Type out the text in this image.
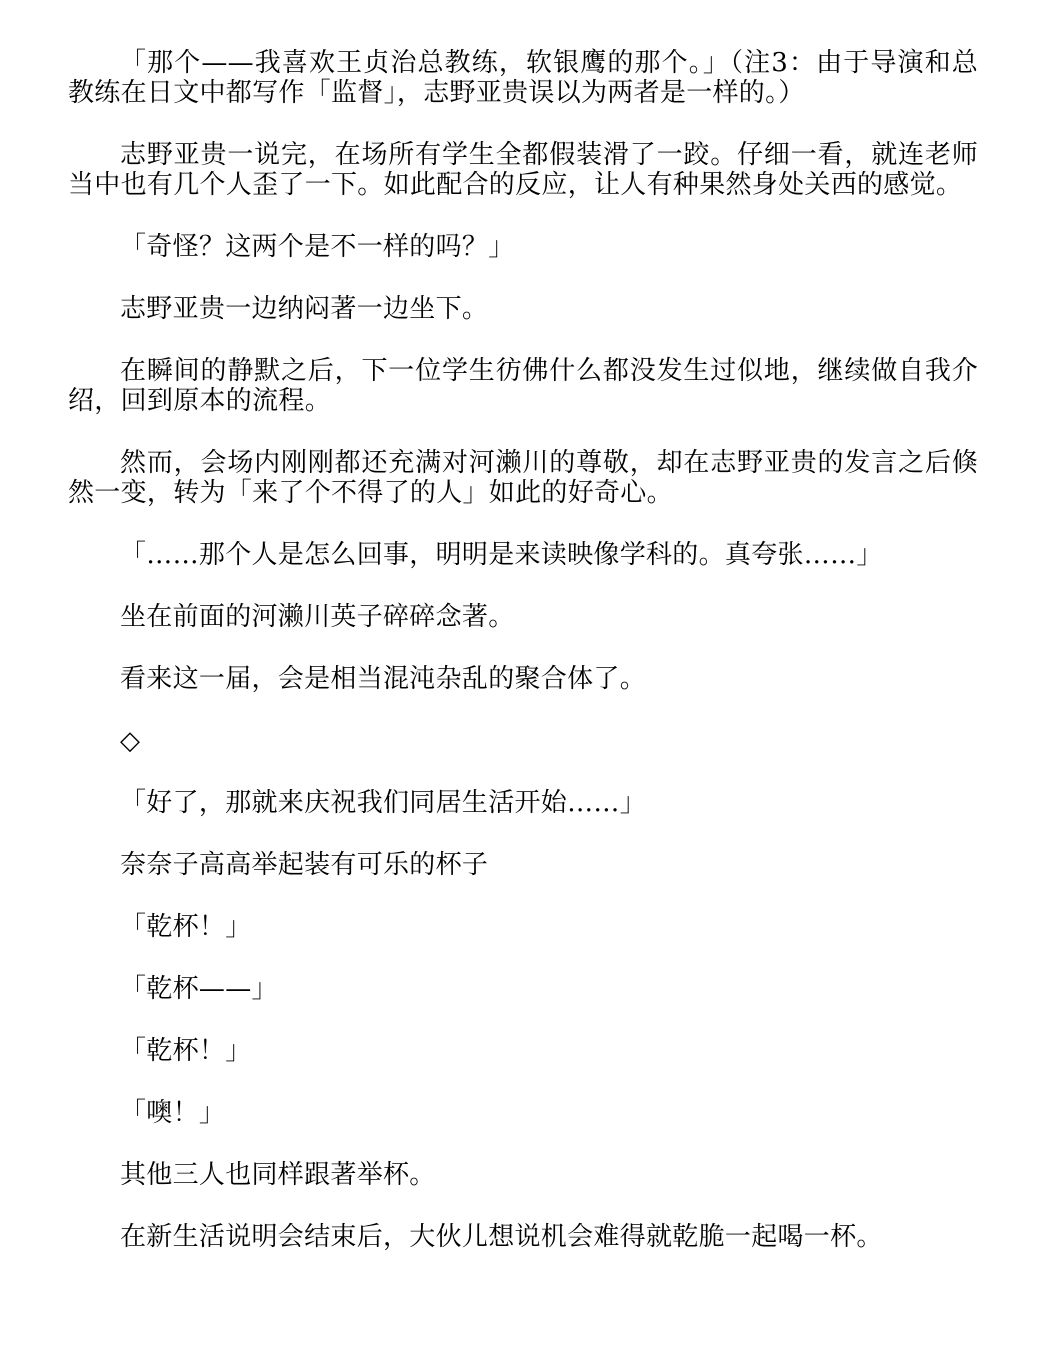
「那个——我喜欢王贞治总教练，软银鹰的那个。」（注3：由于导演和总教练在日文中都写作「监督」，志野亚贵误以为两者是一样的。）

志野亚贵一说完，在场所有学生全都假装滑了一跤。仔细一看，就连老师当中也有几个人歪了一下。如此配合的反应，让人有种果然身处关西的感觉。

「奇怪？这两个是不一样的吗？」

志野亚贵一边纳闷著一边坐下。

在瞬间的静默之后，下一位学生彷佛什么都没发生过似地，继续做自我介绍，回到原本的流程。

然而，会场内刚刚都还充满对河濑川的尊敬，却在志野亚贵的发言之后倏然一变，转为「来了个不得了的人」如此的好奇心。

「……那个人是怎么回事，明明是来读映像学科的。真夸张……」

坐在前面的河濑川英子碎碎念著。

看来这一届，会是相当混沌杂乱的聚合体了。

◇

「好了，那就来庆祝我们同居生活开始……」

奈奈子高高举起装有可乐的杯子

「乾杯！」

「乾杯——」

「乾杯！」

「噢！」

其他三人也同样跟著举杯。

在新生活说明会结束后，大伙儿想说机会难得就乾脆一起喝一杯。
